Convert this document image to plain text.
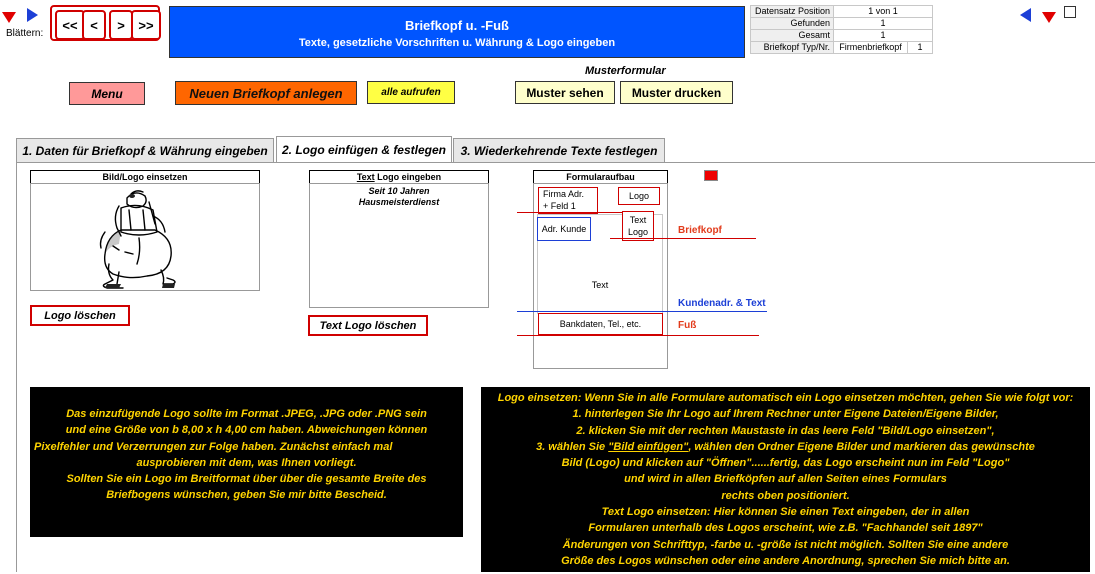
Blättern:
<< <	>	>>	Briefkopf u. -Fuß
Texte, gesetzliche Vorschriften u. Währung & Logo eingeben
Datensatz Position	1 von 1	
Gefunden	1	
Gesamt	1	
Briefkopf Typ/Nr.	Firmenbriefkopf	1
Menu	Neuen Briefkopf anlegen	alle aufrufen
Musterformular
Muster sehen	Muster drucken
1. Daten für Briefkopf & Währung eingeben	2. Logo einfügen & festlegen	3. Wiederkehrende Texte festlegen
Bild/Logo einsetzen
Logo löschen
Text Logo eingeben
Seit 10 Jahren
Hausmeisterdienst
Text Logo löschen
Formularaufbau
Firma Adr.
+ Feld 1
Logo
Text
Logo
Adr. Kunde
Text
Bankdaten, Tel., etc.
Briefkopf
Kundenadr. & Text
Fuß

Das einzufügende Logo sollte im Format .JPEG, .JPG oder .PNG sein

und eine Größe von b 8,00 x h 4,00 cm haben. Abweichungen können

Pixelfehler und Verzerrungen zur Folge haben. Zunächst einfach mal

ausprobieren mit dem, was Ihnen vorliegt.

Sollten Sie ein Logo im Breitformat über über die gesamte Breite des

Briefbogens wünschen, geben Sie mir bitte Bescheid.

Logo einsetzen: Wenn Sie in alle Formulare automatisch ein Logo einsetzen möchten, gehen Sie wie folgt vor:

1. hinterlegen Sie Ihr Logo auf Ihrem Rechner unter Eigene Dateien/Eigene Bilder,

2. klicken Sie mit der rechten Maustaste in das leere Feld "Bild/Logo einsetzen",

3. wählen Sie "Bild einfügen", wählen den Ordner Eigene Bilder und markieren das gewünschte

Bild (Logo) und klicken auf "Öffnen"......fertig, das Logo erscheint nun im Feld "Logo"

und wird in allen Briefköpfen auf allen Seiten eines Formulars

rechts oben positioniert.

Text Logo einsetzen: Hier können Sie einen Text eingeben, der in allen

Formularen unterhalb des Logos erscheint, wie z.B. "Fachhandel seit 1897"

Änderungen von Schrifttyp, -farbe u. -größe ist nicht möglich. Sollten Sie eine andere

Größe des Logos wünschen oder eine andere Anordnung, sprechen Sie mich bitte an.
